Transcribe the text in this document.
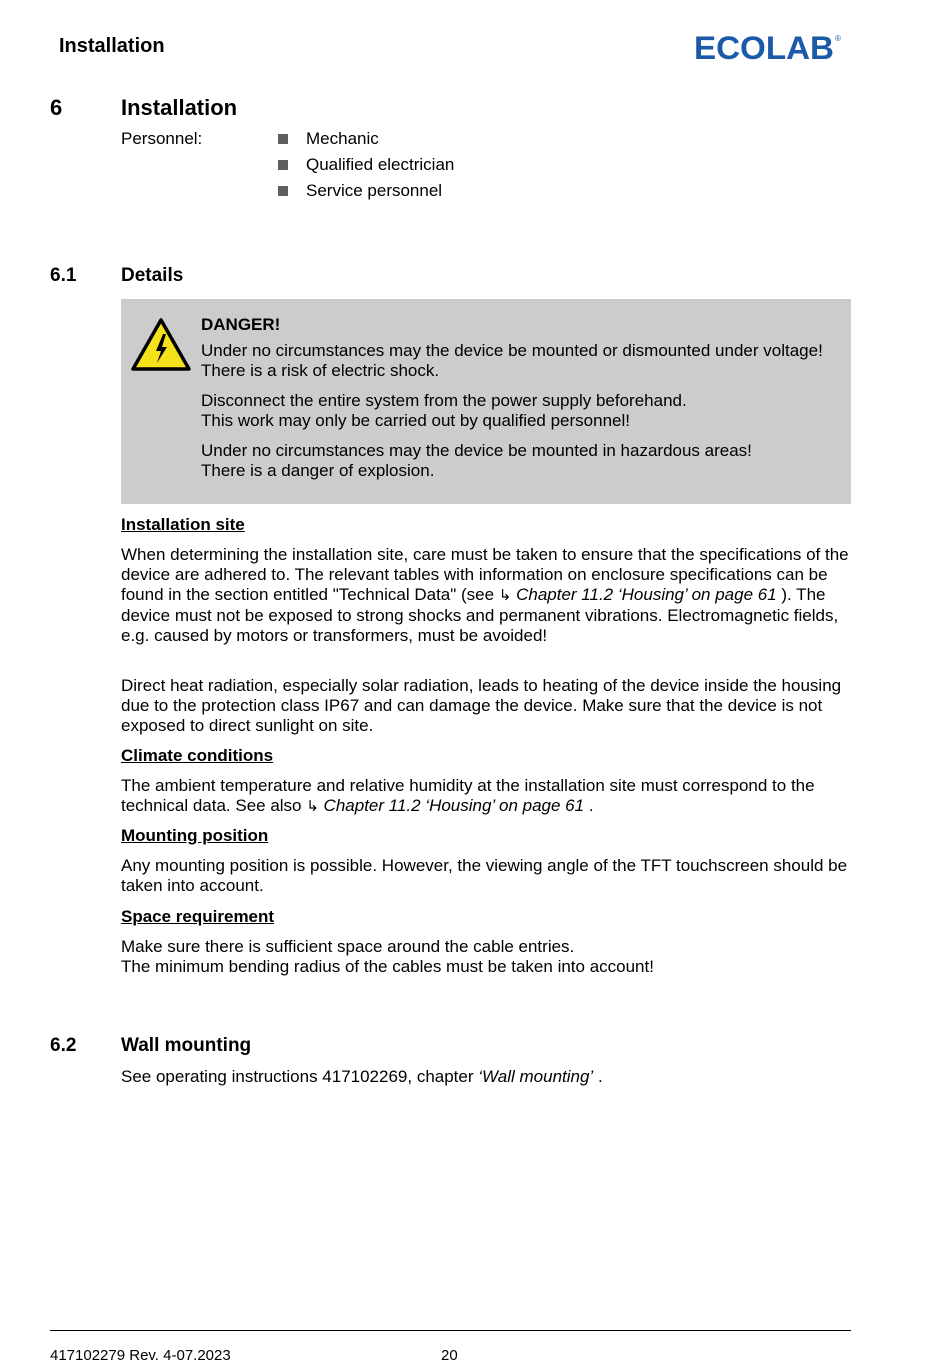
Installation	ECOLAB ®
6	Installation
Personnel:	Mechanic
Qualified electrician
Service personnel
6.1 Details

DANGER!

Under no circumstances may the device be mounted or dismounted under voltage! There is a risk of electric shock.

Disconnect the entire system from the power supply beforehand.
This work may only be carried out by qualified personnel!

Under no circumstances may the device be mounted in hazardous areas!
There is a danger of explosion.

Installation site

When determining the installation site, care must be taken to ensure that the specifications of the device are adhered to. The relevant tables with information on enclosure specifications can be found in the section entitled "Technical Data" (see ↳ Chapter 11.2 ‘Housing’ on page 61 ). The device must not be exposed to strong shocks and permanent vibrations. Electromagnetic fields, e.g. caused by motors or transformers, must be avoided!

Direct heat radiation, especially solar radiation, leads to heating of the device inside the housing due to the protection class IP67 and can damage the device. Make sure that the device is not exposed to direct sunlight on site.

Climate conditions

The ambient temperature and relative humidity at the installation site must correspond to the technical data. See also ↳ Chapter 11.2 ‘Housing’ on page 61 .

Mounting position

Any mounting position is possible. However, the viewing angle of the TFT touchscreen should be taken into account.

Space requirement

Make sure there is sufficient space around the cable entries.
The minimum bending radius of the cables must be taken into account!

6.2 Wall mounting

See operating instructions 417102269, chapter ‘Wall mounting’ .

417102279 Rev. 4-07.2023	20
